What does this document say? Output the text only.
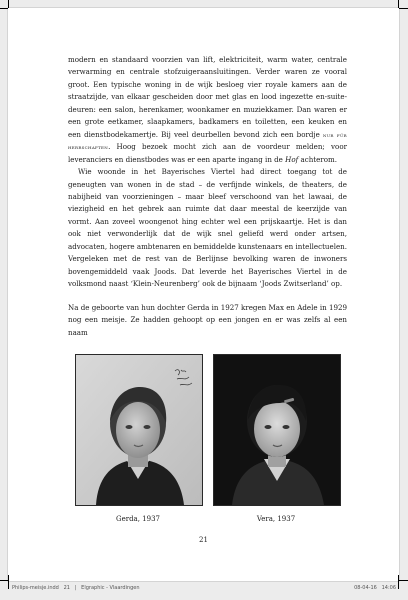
modern en standaard voorzien van lift, elektriciteit, warm water, centrale verwarming en centrale stofzuigeraansluitingen. Verder waren ze vooral groot. Een typische woning in de wijk besloeg vier royale kamers aan de straatzijde, van elkaar gescheiden door met glas en lood ingezette en-suite-deuren: een salon, herenkamer, woonkamer en muziekkamer. Dan waren er een grote eetkamer, slaapkamers, badkamers en toiletten, een keuken en een dienstbodekamertje. Bij veel deurbellen bevond zich een bordje nur für herrschaften. Hoog bezoek mocht zich aan de voordeur melden; voor leveranciers en dienstbodes was er een aparte ingang in de Hof achterom.

Wie woonde in het Bayerisches Viertel had direct toegang tot de geneugten van wonen in de stad – de verfijnde winkels, de theaters, de nabijheid van voorzieningen – maar bleef verschoond van het lawaai, de viezigheid en het gebrek aan ruimte dat daar meestal de keerzijde van vormt. Aan zoveel woongenot hing echter wel een prijskaartje. Het is dan ook niet verwonderlijk dat de wijk snel geliefd werd onder artsen, advocaten, hogere ambtenaren en bemiddelde kunstenaars en intellectuelen. Vergeleken met de rest van de Berlijnse bevolking waren de inwoners bovengemiddeld vaak Joods. Dat leverde het Bayerisches Viertel in de volksmond naast ‘Klein-Neurenberg’ ook de bijnaam ‘Joods Zwitserland’ op.

Na de geboorte van hun dochter Gerda in 1927 kregen Max en Adele in 1929 nog een meisje. Ze hadden gehoopt op een jongen en er was zelfs al een naam

Gerda, 1937	Vera, 1937
21
Philips-meisje.indd   21   |   Elgraphic - Vlaardingen	08-04-16   14:06
